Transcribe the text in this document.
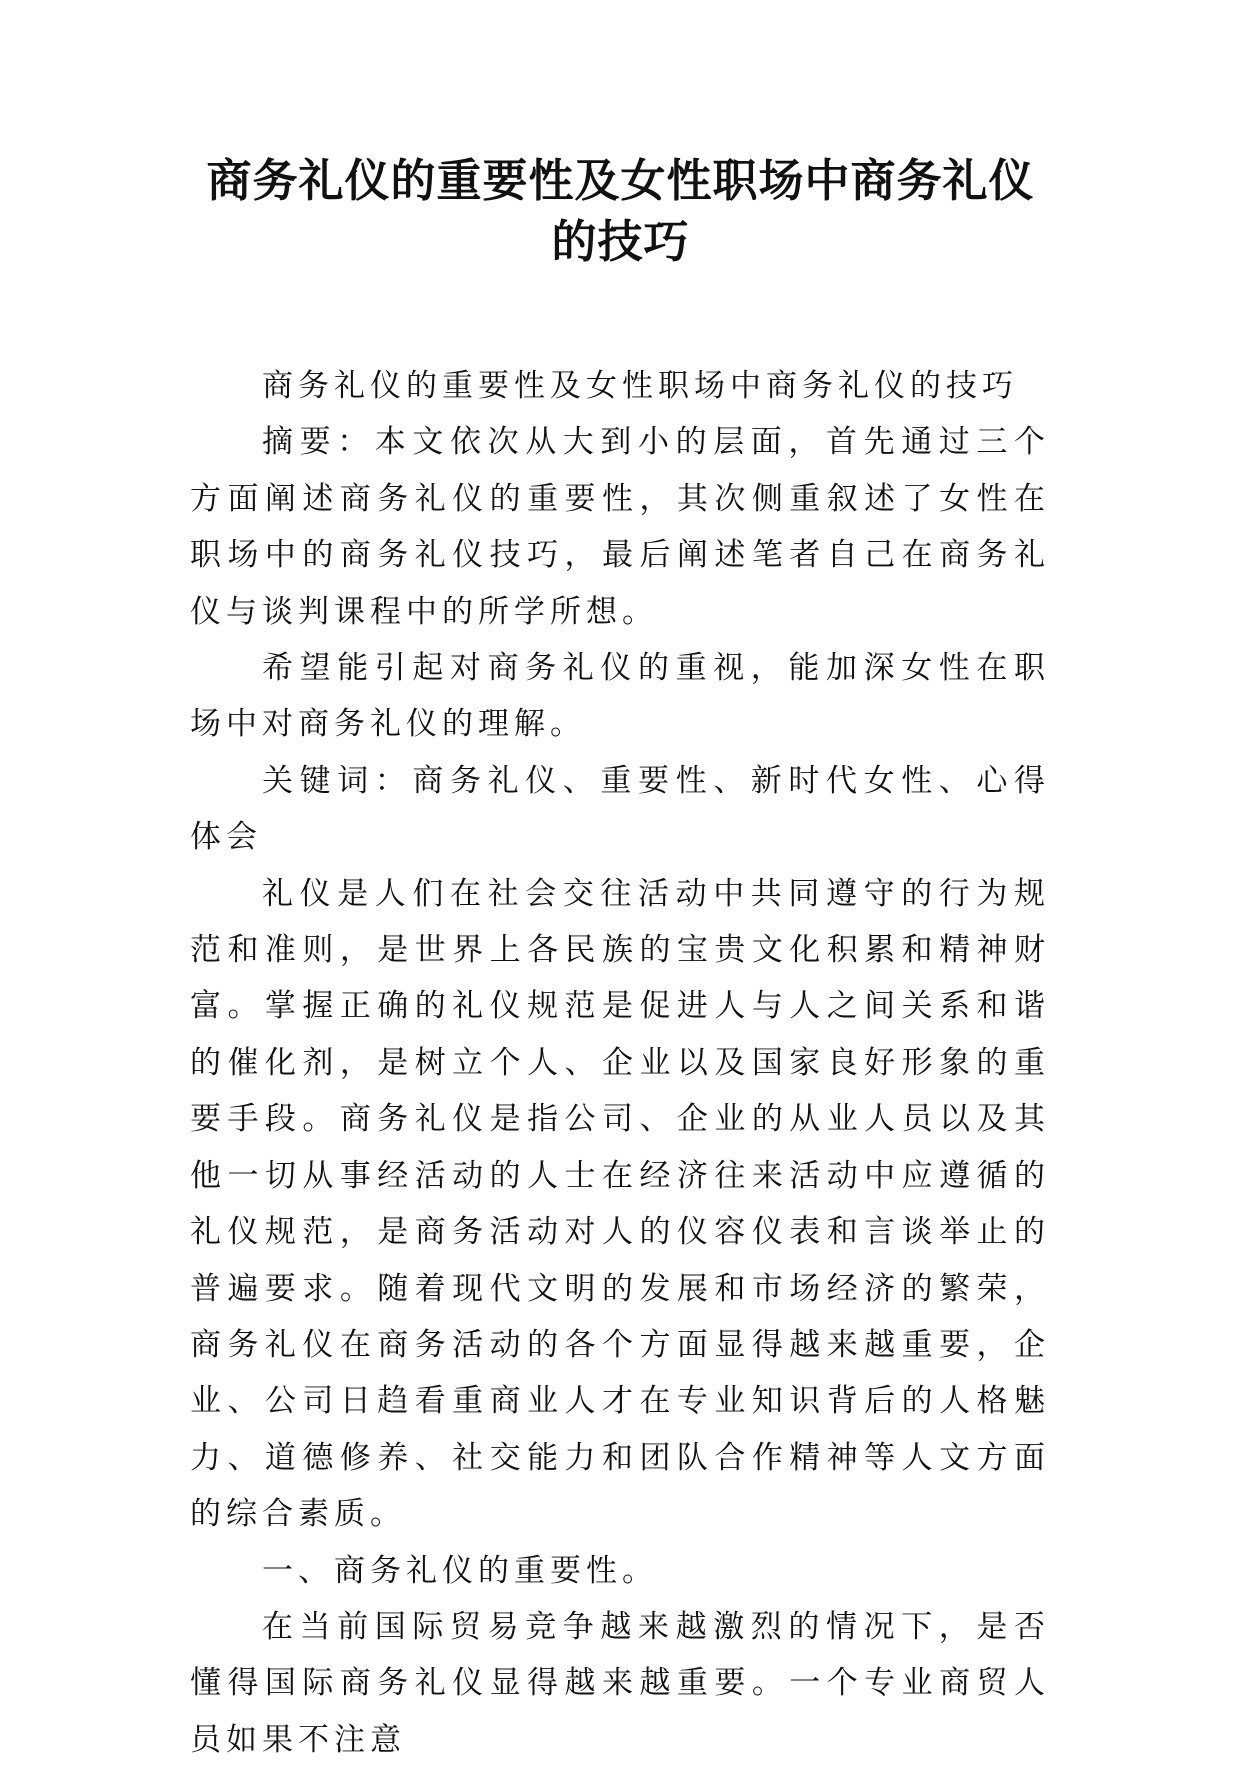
商务礼仪的重要性及女性职场中商务礼仪
的技巧

商务礼仪的重要性及女性职场中商务礼仪的技巧

摘要：本文依次从大到小的层面，首先通过三个方面阐述商务礼仪的重要性，其次侧重叙述了女性在职场中的商务礼仪技巧，最后阐述笔者自己在商务礼仪与谈判课程中的所学所想。

希望能引起对商务礼仪的重视，能加深女性在职场中对商务礼仪的理解。

关键词：商务礼仪、重要性、新时代女性、心得体会

礼仪是人们在社会交往活动中共同遵守的行为规范和准则，是世界上各民族的宝贵文化积累和精神财富。掌握正确的礼仪规范是促进人与人之间关系和谐的催化剂，是树立个人、企业以及国家良好形象的重要手段。商务礼仪是指公司、企业的从业人员以及其他一切从事经活动的人士在经济往来活动中应遵循的礼仪规范，是商务活动对人的仪容仪表和言谈举止的普遍要求。随着现代文明的发展和市场经济的繁荣，商务礼仪在商务活动的各个方面显得越来越重要，企业、公司日趋看重商业人才在专业知识背后的人格魅力、道德修养、社交能力和团队合作精神等人文方面的综合素质。

一、商务礼仪的重要性。

在当前国际贸易竞争越来越激烈的情况下，是否懂得国际商务礼仪显得越来越重要。一个专业商贸人员如果不注意
